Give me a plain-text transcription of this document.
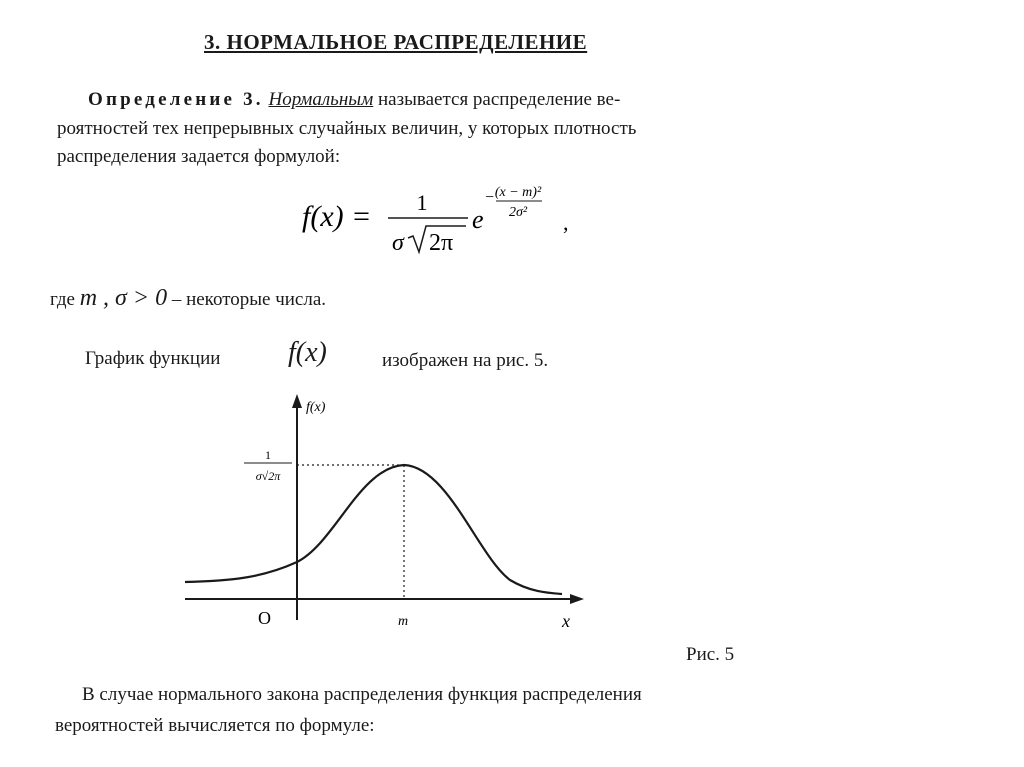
3. НОРМАЛЬНОЕ РАСПРЕДЕЛЕНИЕ
Определение 3. Нормальным называется распределение ве-
роятностей тех непрерывных случайных величин, у которых плотность
распределения задается формулой:
f(x) = 1
σ 2π
e
− (x − m)²
2σ² ,
где m , σ > 0 – некоторые числа.
График функции f(x)	изображен на рис. 5.
f(x)
1
σ√2π
O	m	x
Рис. 5
В случае нормального закона распределения функция распределения
вероятностей вычисляется по формуле:
